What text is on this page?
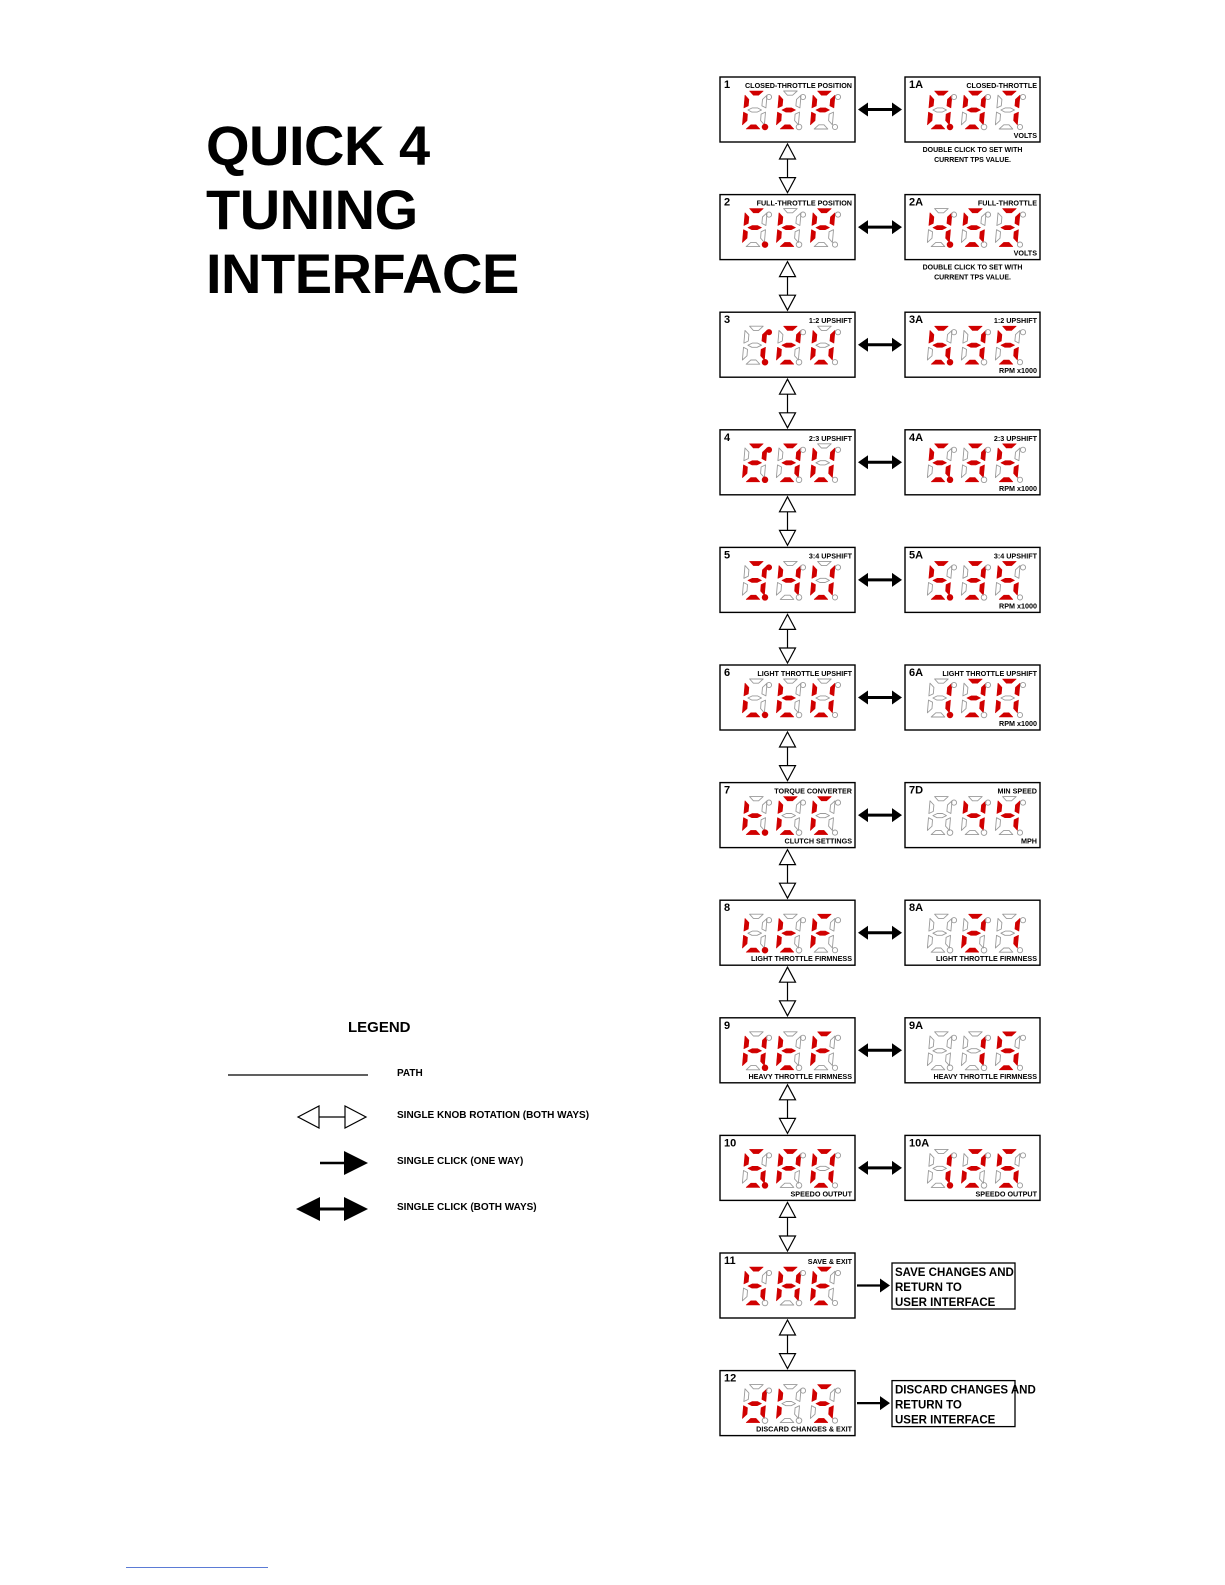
QUICK 4
TUNING
INTERFACE
1 CLOSED-THROTTLE POSITION	1A	CLOSED-THROTTLE
VOLTS
DOUBLE CLICK TO SET WITH
CURRENT TPS VALUE.
2	FULL-THROTTLE POSITION	2A	FULL-THROTTLE
VOLTS
DOUBLE CLICK TO SET WITH
CURRENT TPS VALUE.
3	1:2 UPSHIFT	3A	1:2 UPSHIFT
RPM x1000
4	2:3 UPSHIFT	4A	2:3 UPSHIFT
RPM x1000
5	3:4 UPSHIFT	5A	3:4 UPSHIFT
RPM x1000
6	LIGHT THROTTLE UPSHIFT	6A	LIGHT THROTTLE UPSHIFT
RPM x1000
7	TORQUE CONVERTER
CLUTCH SETTINGS
7D	MIN SPEED
MPH
8
LIGHT THROTTLE FIRMNESS
8A
LIGHT THROTTLE FIRMNESS
9
HEAVY THROTTLE FIRMNESS
9A
HEAVY THROTTLE FIRMNESS
10
SPEEDO OUTPUT
10A
SPEEDO OUTPUT
11	SAVE & EXIT
SAVE CHANGES AND
RETURN TO
USER INTERFACE
12
DISCARD CHANGES & EXIT
DISCARD CHANGES AND
RETURN TO
USER INTERFACE
LEGEND
PATH
SINGLE KNOB ROTATION (BOTH WAYS)
SINGLE CLICK (ONE WAY)
SINGLE CLICK (BOTH WAYS)
